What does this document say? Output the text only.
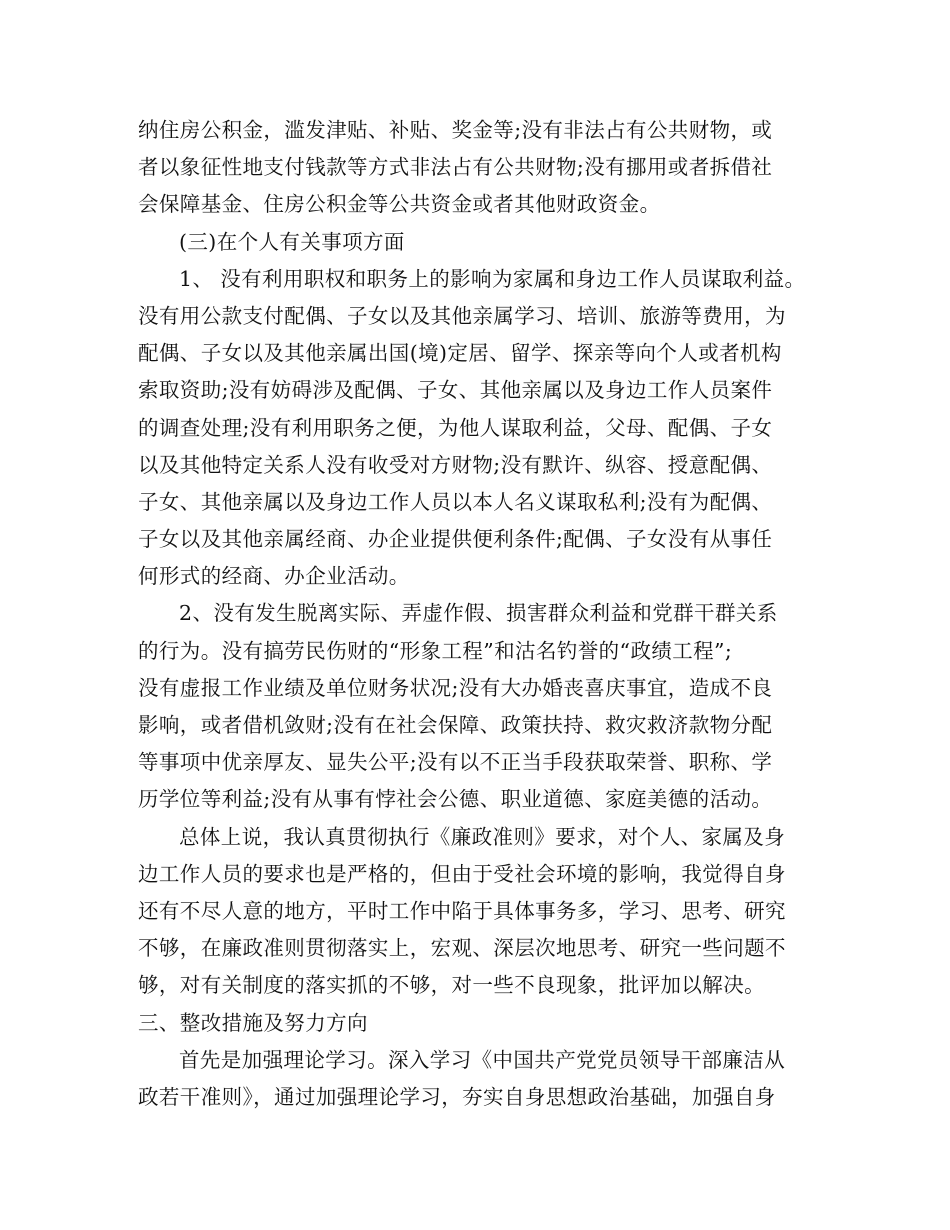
纳住房公积金，滥发津贴、补贴、奖金等;没有非法占有公共财物，或
者以象征性地支付钱款等方式非法占有公共财物;没有挪用或者拆借社
会保障基金、住房公积金等公共资金或者其他财政资金。
(三)在个人有关事项方面
1、 没有利用职权和职务上的影响为家属和身边工作人员谋取利益。
没有用公款支付配偶、子女以及其他亲属学习、培训、旅游等费用，为
配偶、子女以及其他亲属出国(境)定居、留学、探亲等向个人或者机构
索取资助;没有妨碍涉及配偶、子女、其他亲属以及身边工作人员案件
的调查处理;没有利用职务之便，为他人谋取利益，父母、配偶、子女
以及其他特定关系人没有收受对方财物;没有默许、纵容、授意配偶、
子女、其他亲属以及身边工作人员以本人名义谋取私利;没有为配偶、
子女以及其他亲属经商、办企业提供便利条件;配偶、子女没有从事任
何形式的经商、办企业活动。
2、没有发生脱离实际、弄虚作假、损害群众利益和党群干群关系
的行为。没有搞劳民伤财的“形象工程”和沽名钓誉的“政绩工程”;
没有虚报工作业绩及单位财务状况;没有大办婚丧喜庆事宜，造成不良
影响，或者借机敛财;没有在社会保障、政策扶持、救灾救济款物分配
等事项中优亲厚友、显失公平;没有以不正当手段获取荣誉、职称、学
历学位等利益;没有从事有悖社会公德、职业道德、家庭美德的活动。
总体上说，我认真贯彻执行《廉政准则》要求，对个人、家属及身
边工作人员的要求也是严格的，但由于受社会环境的影响，我觉得自身
还有不尽人意的地方，平时工作中陷于具体事务多，学习、思考、研究
不够，在廉政准则贯彻落实上，宏观、深层次地思考、研究一些问题不
够，对有关制度的落实抓的不够，对一些不良现象，批评加以解决。
三、整改措施及努力方向
首先是加强理论学习。深入学习《中国共产党党员领导干部廉洁从
政若干准则》，通过加强理论学习，夯实自身思想政治基础，加强自身
